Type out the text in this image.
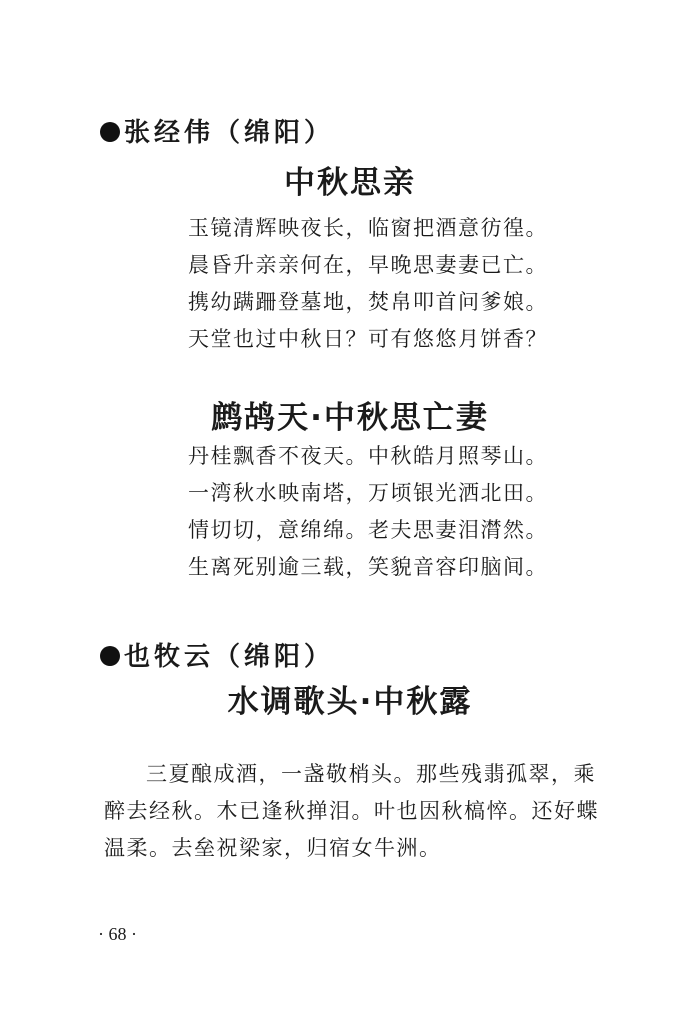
张经伟（绵阳）
中秋思亲
玉镜清辉映夜长，临窗把酒意彷徨。
晨昏升亲亲何在，早晚思妻妻已亡。
携幼蹒跚登墓地，焚帛叩首问爹娘。
天堂也过中秋日？可有悠悠月饼香？
鹧鸪天·中秋思亡妻
丹桂飘香不夜天。中秋皓月照琴山。
一湾秋水映南塔，万顷银光洒北田。
情切切，意绵绵。老夫思妻泪潸然。
生离死别逾三载，笑貌音容印脑间。
也牧云（绵阳）
水调歌头·中秋露
三夏酿成酒，一盏敬梢头。那些残翡孤翠，乘醉去经秋。木已逢秋掸泪。叶也因秋槁悴。还好蝶温柔。去垒祝梁家，归宿女牛洲。
· 68 ·
